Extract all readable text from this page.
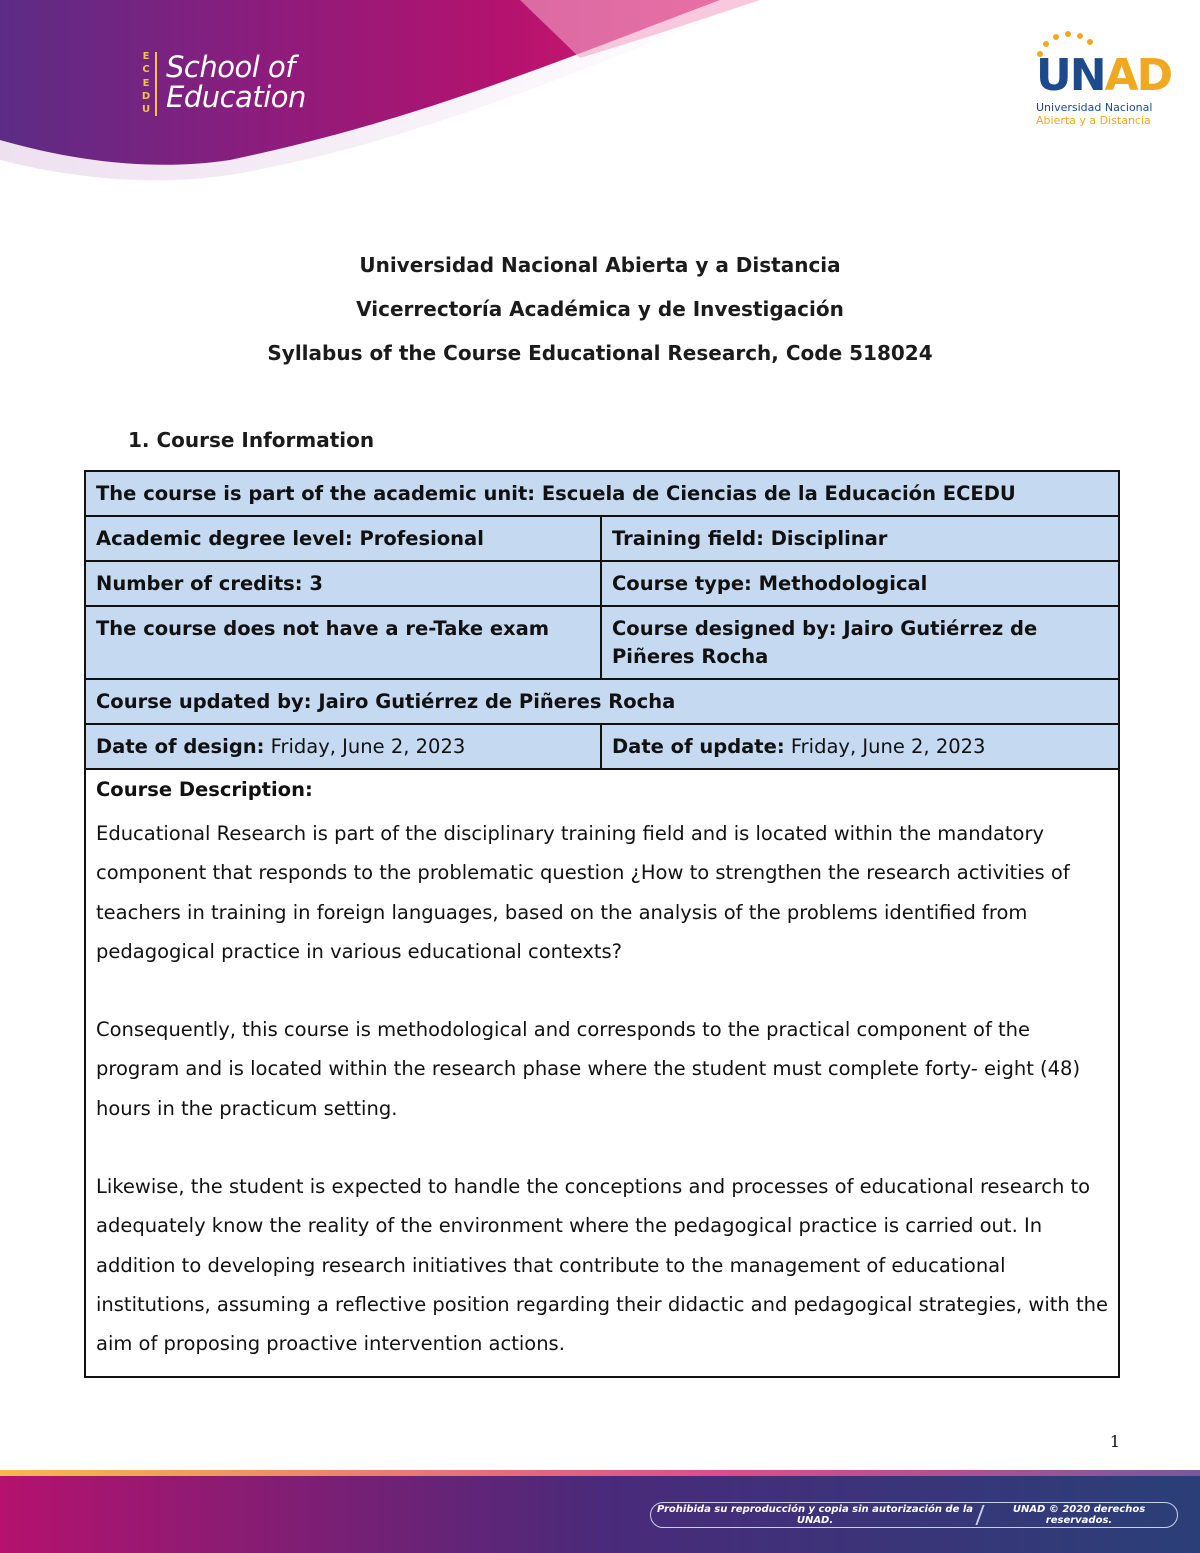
E
C
E
D
U
School of
Education	UNAD
Universidad Nacional
Abierta y a Distancia
Universidad Nacional Abierta y a Distancia
Vicerrectoría Académica y de Investigación
Syllabus of the Course Educational Research, Code 518024
1. Course Information
The course is part of the academic unit: Escuela de Ciencias de la Educación ECEDU	
Academic degree level: Profesional	Training field: Disciplinar
Number of credits: 3	Course type: Methodological
The course does not have a re-Take exam	Course designed by: Jairo Gutiérrez de Piñeres Rocha
Course updated by: Jairo Gutiérrez de Piñeres Rocha	
Date of design: Friday, June 2, 2023	Date of update: Friday, June 2, 2023

Course Description:

Educational Research is part of the disciplinary training field and is located within the mandatory component that responds to the problematic question ¿How to strengthen the research activities of teachers in training in foreign languages, based on the analysis of the problems identified from pedagogical practice in various educational contexts?

Consequently, this course is methodological and corresponds to the practical component of the program and is located within the research phase where the student must complete forty- eight (48) hours in the practicum setting.

Likewise, the student is expected to handle the conceptions and processes of educational research to adequately know the reality of the environment where the pedagogical practice is carried out. In addition to developing research initiatives that contribute to the management of educational institutions, assuming a reflective position regarding their didactic and pedagogical strategies, with the aim of proposing proactive intervention actions.	

1
Prohibida su reproducción y copia sin autorización de la UNAD.
UNAD © 2020 derechos reservados.
